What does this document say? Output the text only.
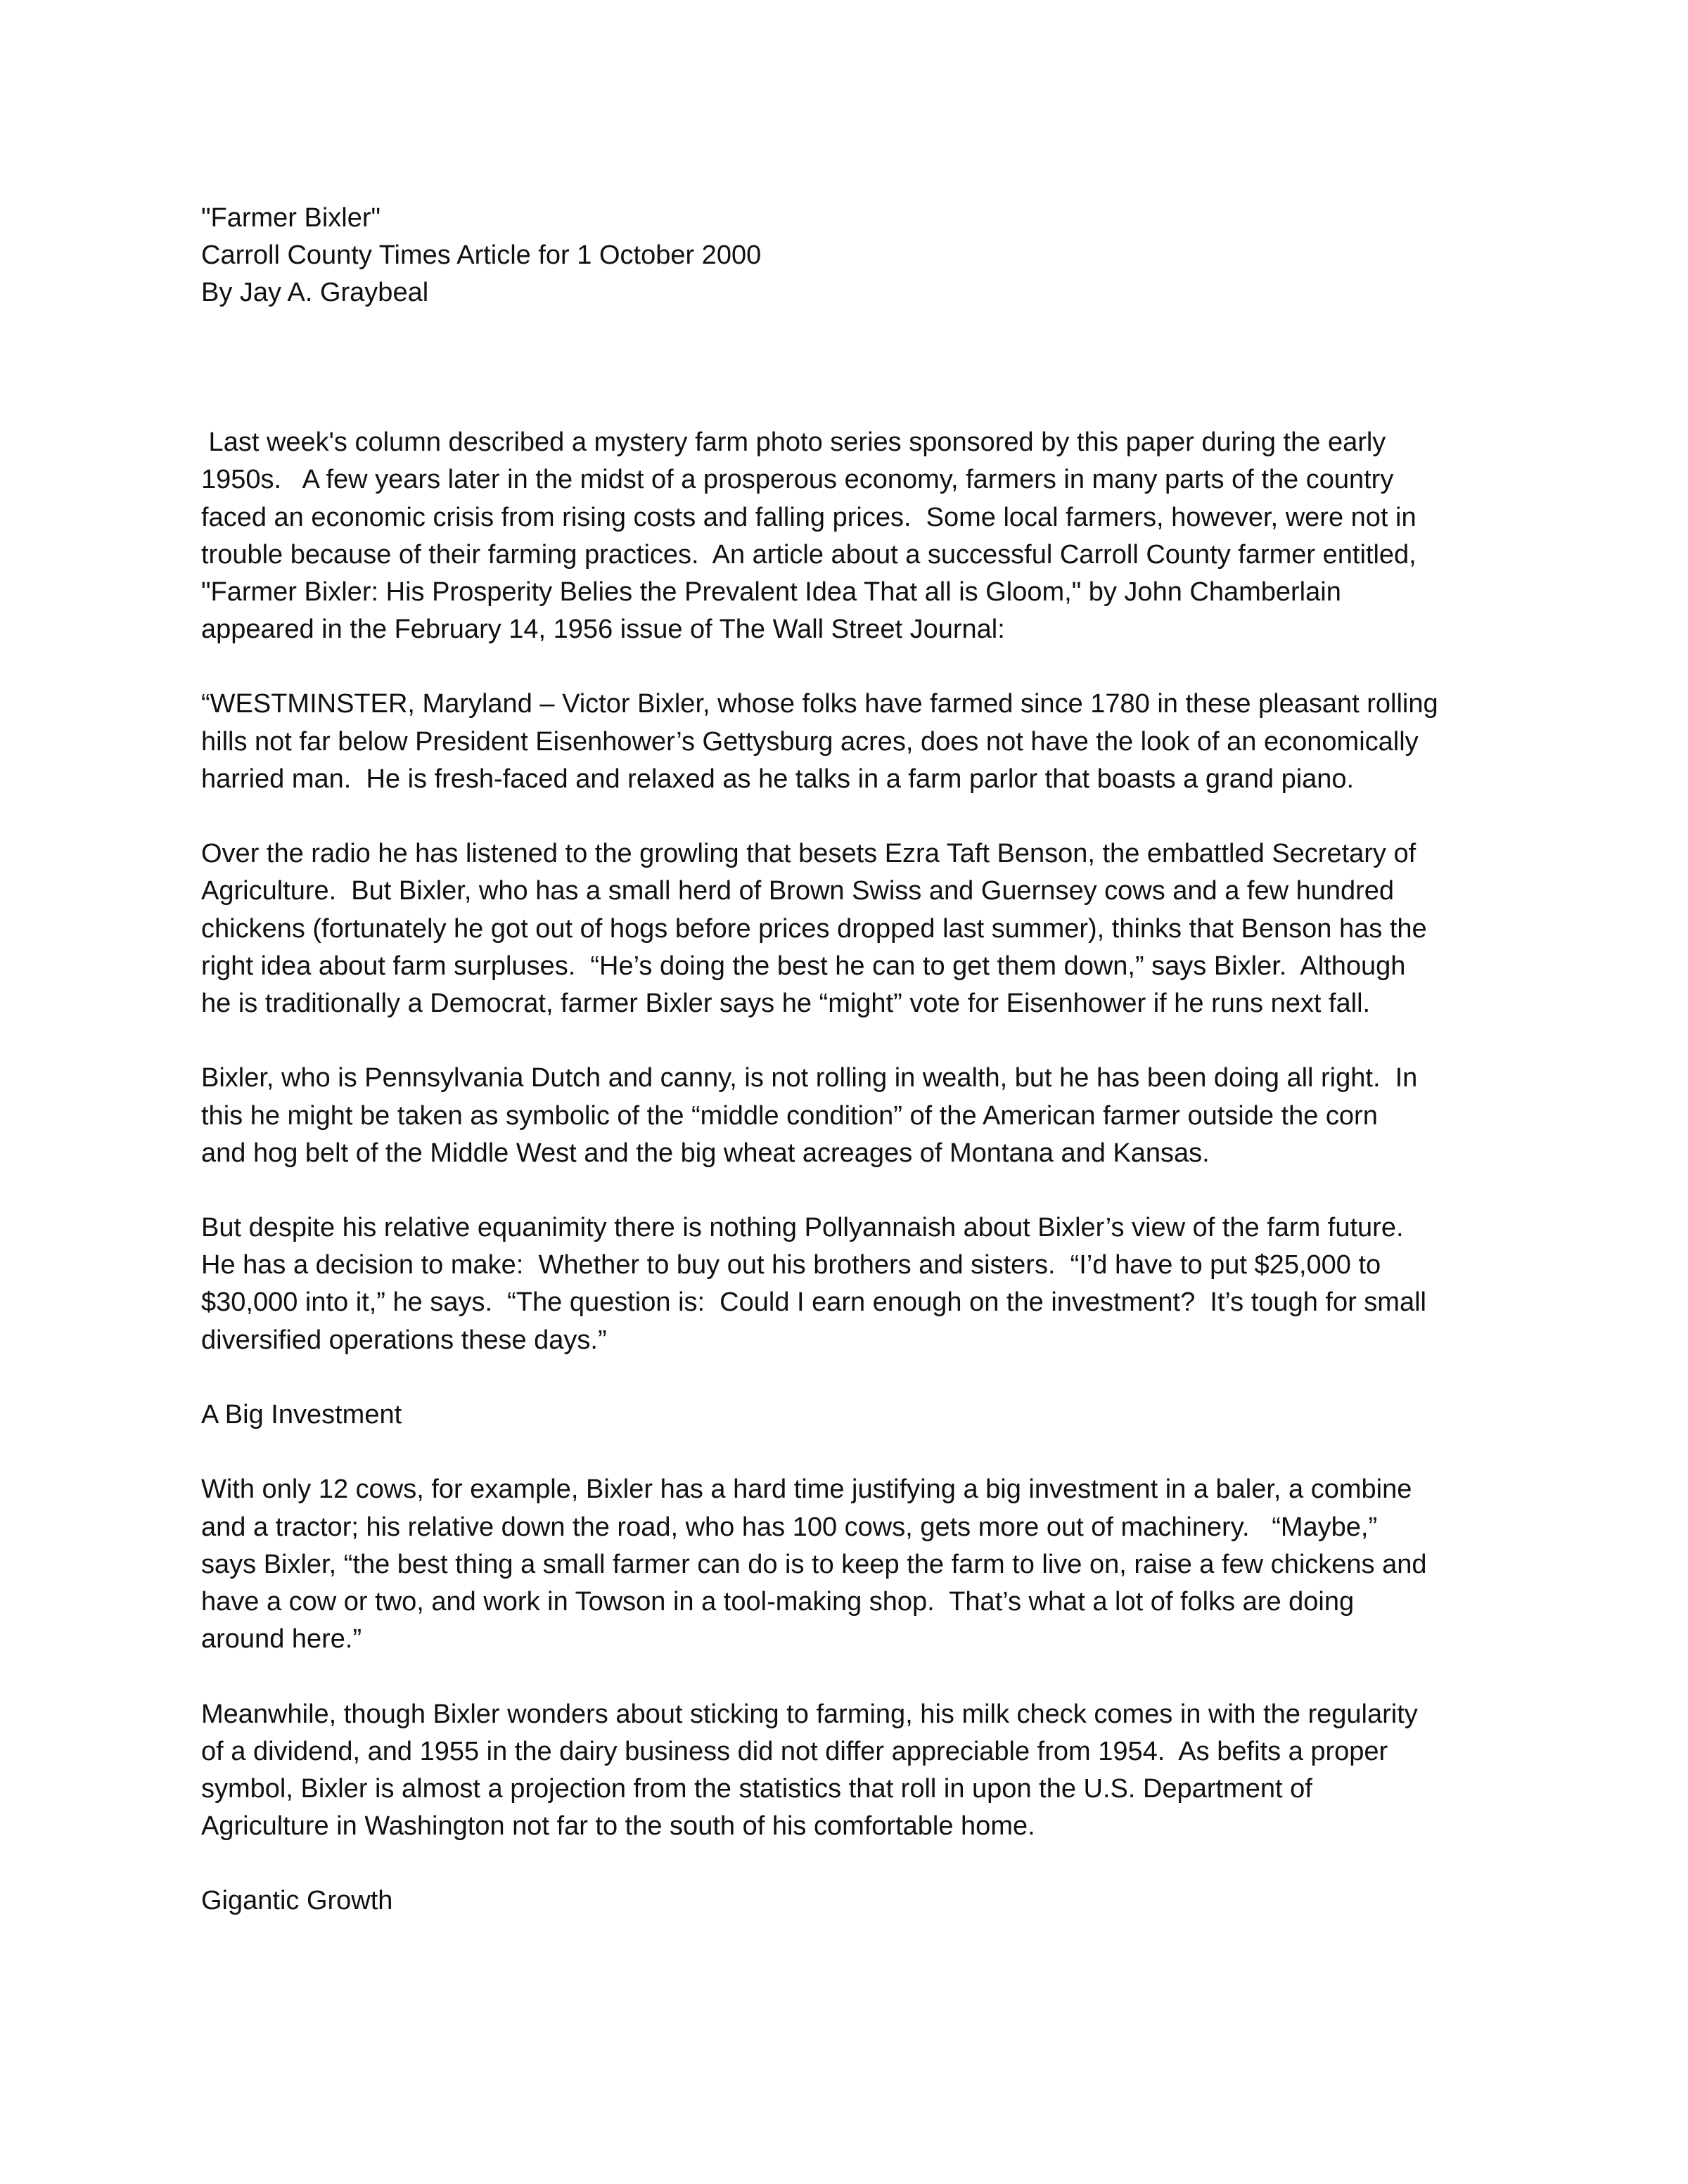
"Farmer Bixler"
Carroll County Times Article for 1 October 2000
By Jay A. Graybeal
Last week's column described a mystery farm photo series sponsored by this paper during the early
1950s.   A few years later in the midst of a prosperous economy, farmers in many parts of the country
faced an economic crisis from rising costs and falling prices.  Some local farmers, however, were not in
trouble because of their farming practices.  An article about a successful Carroll County farmer entitled,
"Farmer Bixler: His Prosperity Belies the Prevalent Idea That all is Gloom," by John Chamberlain
appeared in the February 14, 1956 issue of The Wall Street Journal:
“WESTMINSTER, Maryland – Victor Bixler, whose folks have farmed since 1780 in these pleasant rolling
hills not far below President Eisenhower’s Gettysburg acres, does not have the look of an economically
harried man.  He is fresh-faced and relaxed as he talks in a farm parlor that boasts a grand piano.
Over the radio he has listened to the growling that besets Ezra Taft Benson, the embattled Secretary of
Agriculture.  But Bixler, who has a small herd of Brown Swiss and Guernsey cows and a few hundred
chickens (fortunately he got out of hogs before prices dropped last summer), thinks that Benson has the
right idea about farm surpluses.  “He’s doing the best he can to get them down,” says Bixler.  Although
he is traditionally a Democrat, farmer Bixler says he “might” vote for Eisenhower if he runs next fall.
Bixler, who is Pennsylvania Dutch and canny, is not rolling in wealth, but he has been doing all right.  In
this he might be taken as symbolic of the “middle condition” of the American farmer outside the corn
and hog belt of the Middle West and the big wheat acreages of Montana and Kansas.
But despite his relative equanimity there is nothing Pollyannaish about Bixler’s view of the farm future.
He has a decision to make:  Whether to buy out his brothers and sisters.  “I’d have to put $25,000 to
$30,000 into it,” he says.  “The question is:  Could I earn enough on the investment?  It’s tough for small
diversified operations these days.”
A Big Investment
With only 12 cows, for example, Bixler has a hard time justifying a big investment in a baler, a combine
and a tractor; his relative down the road, who has 100 cows, gets more out of machinery.   “Maybe,”
says Bixler, “the best thing a small farmer can do is to keep the farm to live on, raise a few chickens and
have a cow or two, and work in Towson in a tool-making shop.  That’s what a lot of folks are doing
around here.”
Meanwhile, though Bixler wonders about sticking to farming, his milk check comes in with the regularity
of a dividend, and 1955 in the dairy business did not differ appreciable from 1954.  As befits a proper
symbol, Bixler is almost a projection from the statistics that roll in upon the U.S. Department of
Agriculture in Washington not far to the south of his comfortable home.
Gigantic Growth
